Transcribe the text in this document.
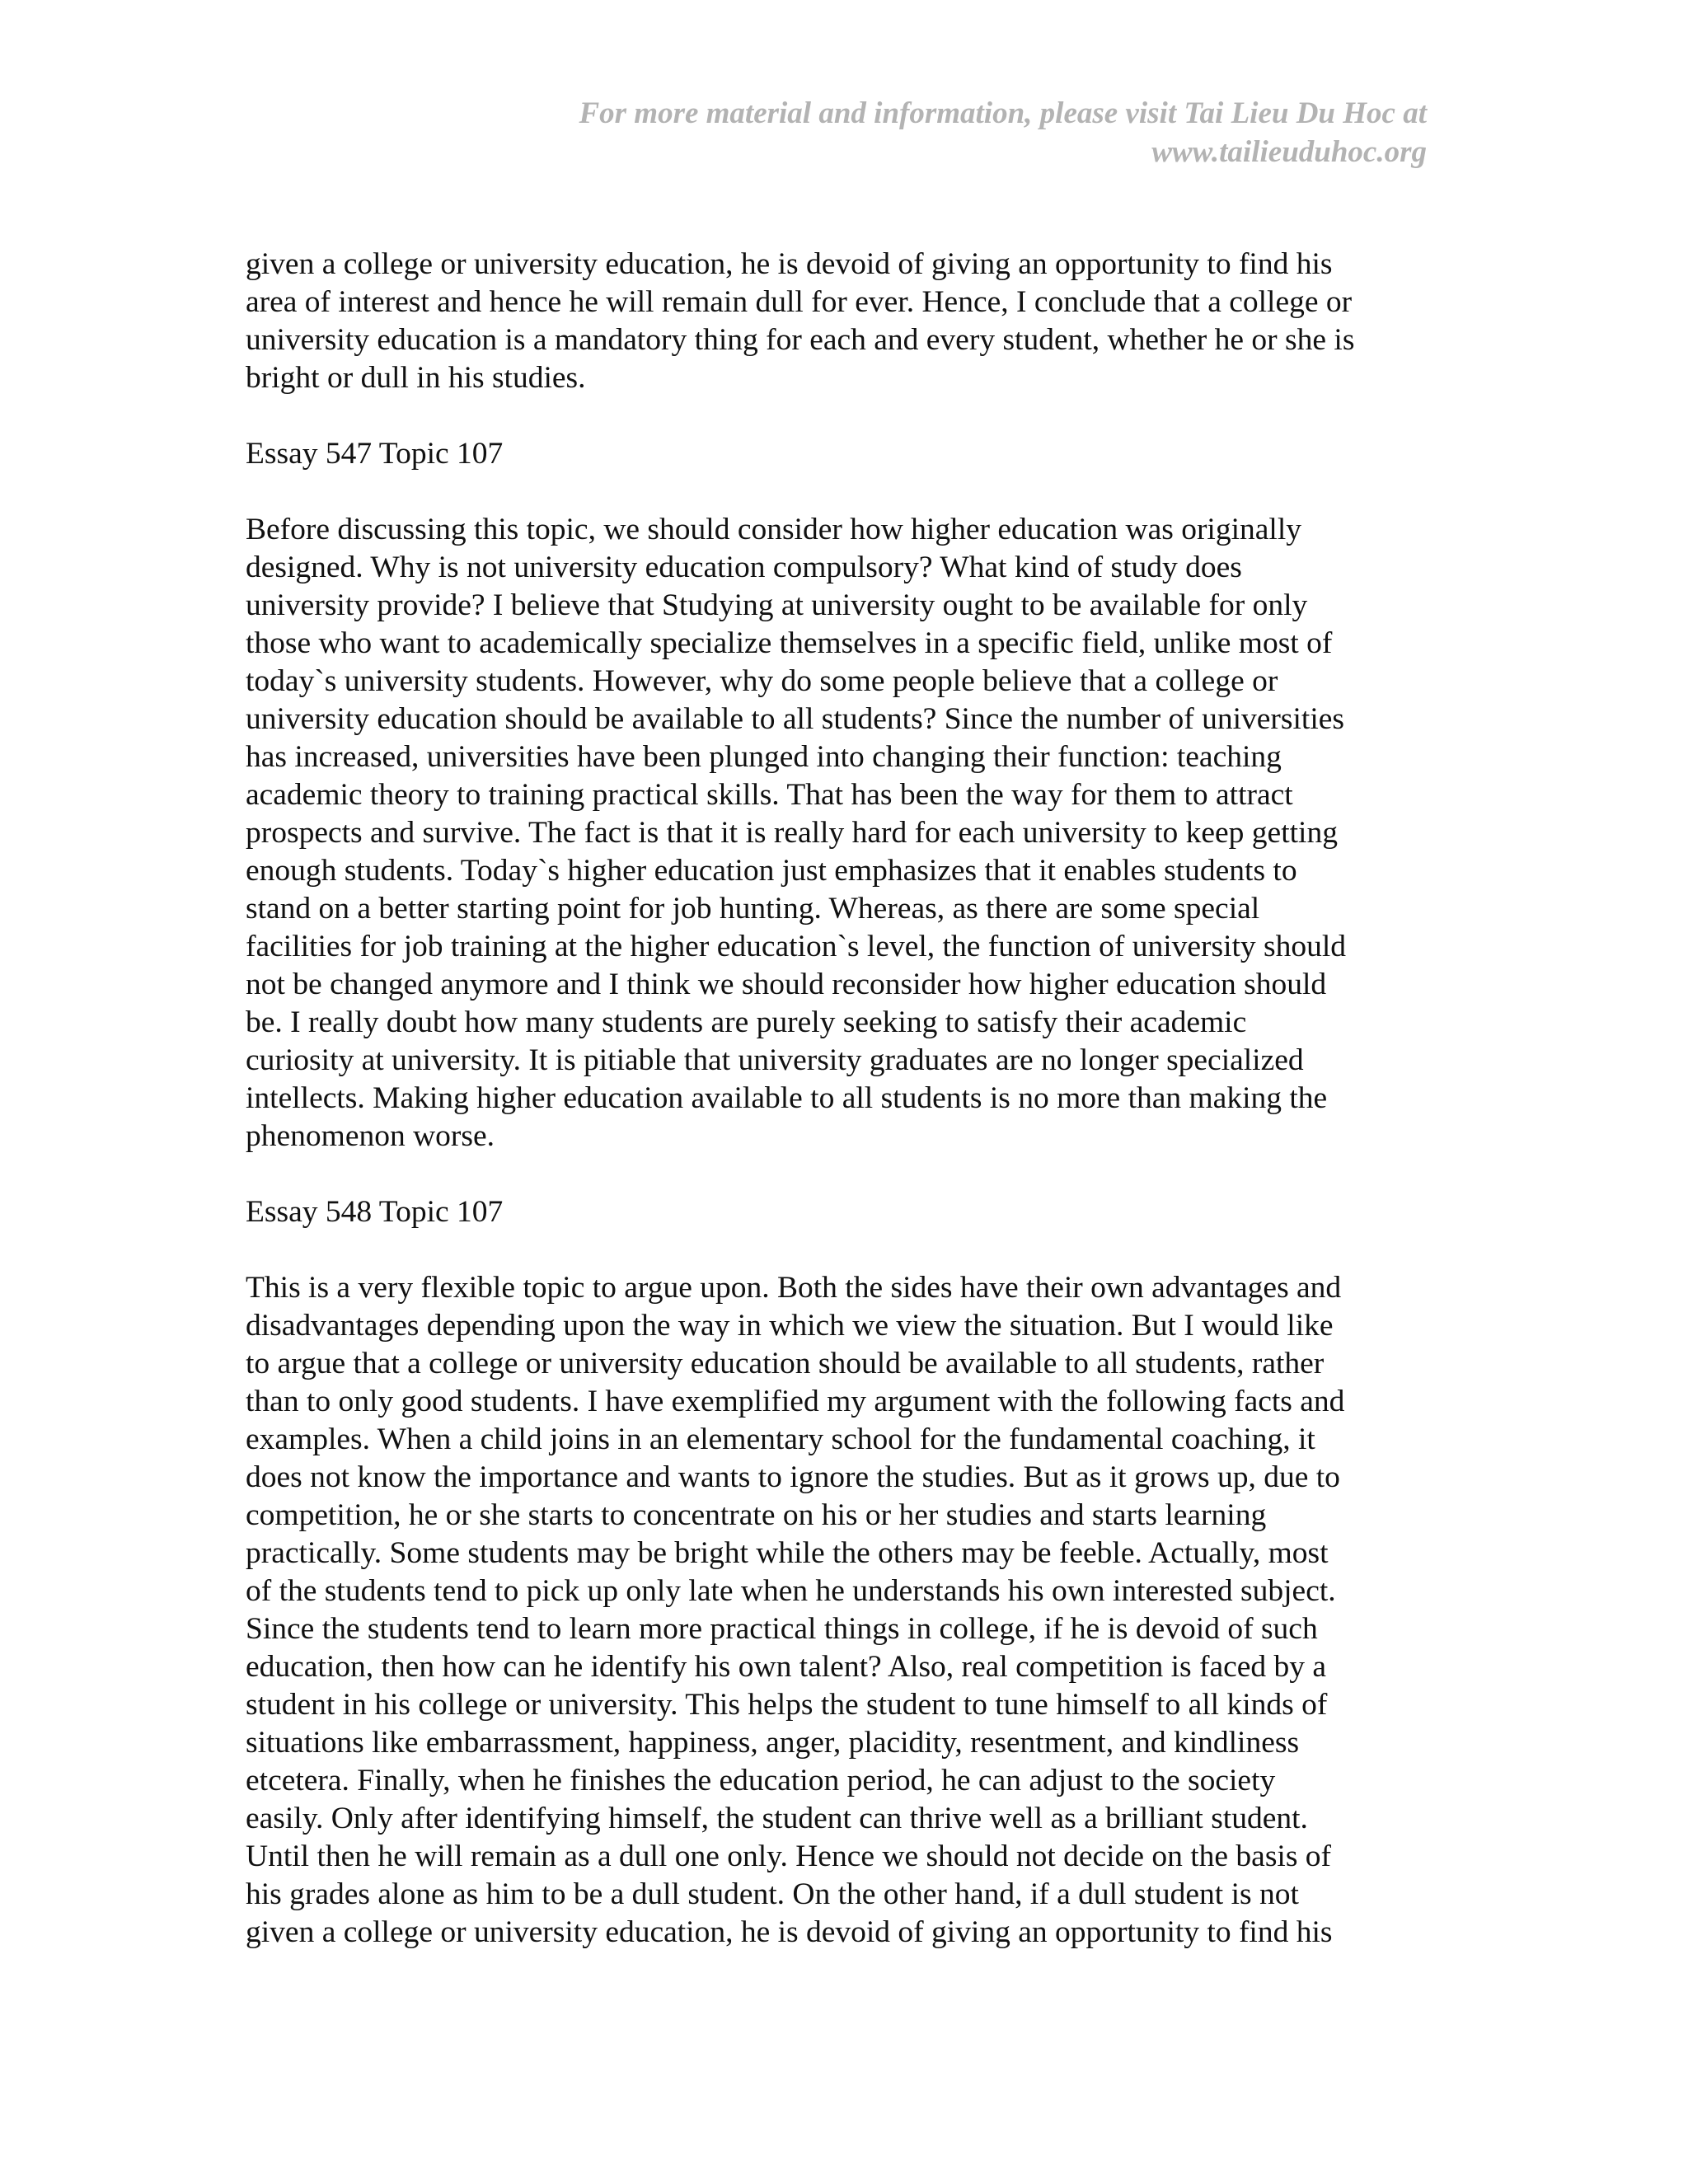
For more material and information, please visit Tai Lieu Du Hoc at
www.tailieuduhoc.org
given a college or university education, he is devoid of giving an opportunity to find his
area of interest and hence he will remain dull for ever. Hence, I conclude that a college or
university education is a mandatory thing for each and every student, whether he or she is
bright or dull in his studies.
Essay 547 Topic 107
Before discussing this topic, we should consider how higher education was originally
designed. Why is not university education compulsory? What kind of study does
university provide? I believe that Studying at university ought to be available for only
those who want to academically specialize themselves in a specific field, unlike most of
today`s university students. However, why do some people believe that a college or
university education should be available to all students? Since the number of universities
has increased, universities have been plunged into changing their function: teaching
academic theory to training practical skills. That has been the way for them to attract
prospects and survive. The fact is that it is really hard for each university to keep getting
enough students. Today`s higher education just emphasizes that it enables students to
stand on a better starting point for job hunting. Whereas, as there are some special
facilities for job training at the higher education`s level, the function of university should
not be changed anymore and I think we should reconsider how higher education should
be. I really doubt how many students are purely seeking to satisfy their academic
curiosity at university. It is pitiable that university graduates are no longer specialized
intellects. Making higher education available to all students is no more than making the
phenomenon worse.
Essay 548 Topic 107
This is a very flexible topic to argue upon. Both the sides have their own advantages and
disadvantages depending upon the way in which we view the situation. But I would like
to argue that a college or university education should be available to all students, rather
than to only good students. I have exemplified my argument with the following facts and
examples. When a child joins in an elementary school for the fundamental coaching, it
does not know the importance and wants to ignore the studies. But as it grows up, due to
competition, he or she starts to concentrate on his or her studies and starts learning
practically. Some students may be bright while the others may be feeble. Actually, most
of the students tend to pick up only late when he understands his own interested subject.
Since the students tend to learn more practical things in college, if he is devoid of such
education, then how can he identify his own talent? Also, real competition is faced by a
student in his college or university. This helps the student to tune himself to all kinds of
situations like embarrassment, happiness, anger, placidity, resentment, and kindliness
etcetera. Finally, when he finishes the education period, he can adjust to the society
easily. Only after identifying himself, the student can thrive well as a brilliant student.
Until then he will remain as a dull one only. Hence we should not decide on the basis of
his grades alone as him to be a dull student. On the other hand, if a dull student is not
given a college or university education, he is devoid of giving an opportunity to find his
